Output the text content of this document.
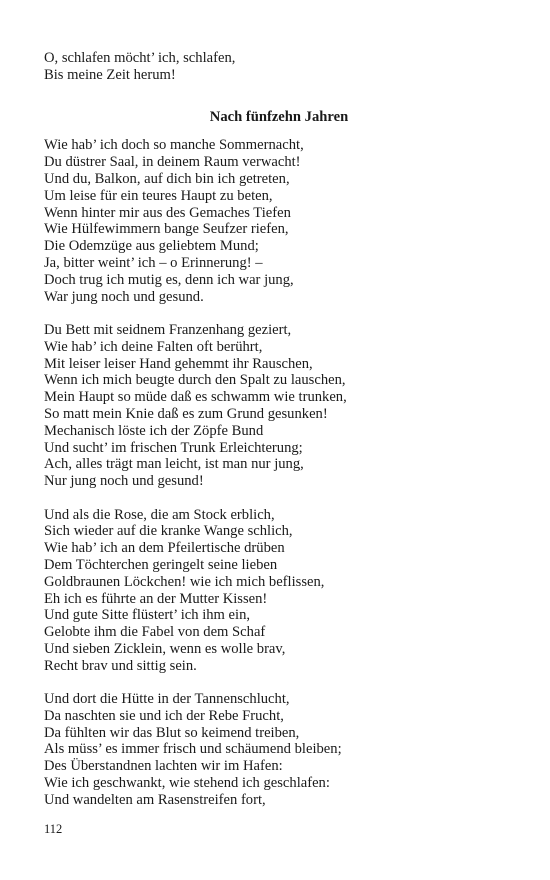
O, schlafen möcht’ ich, schlafen,

Bis meine Zeit herum!

Nach fünfzehn Jahren

Wie hab’ ich doch so manche Sommernacht,

Du düstrer Saal, in deinem Raum verwacht!

Und du, Balkon, auf dich bin ich getreten,

Um leise für ein teures Haupt zu beten,

Wenn hinter mir aus des Gemaches Tiefen

Wie Hülfewimmern bange Seufzer riefen,

Die Odemzüge aus geliebtem Mund;

Ja, bitter weint’ ich – o Erinnerung! –

Doch trug ich mutig es, denn ich war jung,

War jung noch und gesund.

Du Bett mit seidnem Franzenhang geziert,

Wie hab’ ich deine Falten oft berührt,

Mit leiser leiser Hand gehemmt ihr Rauschen,

Wenn ich mich beugte durch den Spalt zu lauschen,

Mein Haupt so müde daß es schwamm wie trunken,

So matt mein Knie daß es zum Grund gesunken!

Mechanisch löste ich der Zöpfe Bund

Und sucht’ im frischen Trunk Erleichterung;

Ach, alles trägt man leicht, ist man nur jung,

Nur jung noch und gesund!

Und als die Rose, die am Stock erblich,

Sich wieder auf die kranke Wange schlich,

Wie hab’ ich an dem Pfeilertische drüben

Dem Töchterchen geringelt seine lieben

Goldbraunen Löckchen! wie ich mich beflissen,

Eh ich es führte an der Mutter Kissen!

Und gute Sitte flüstert’ ich ihm ein,

Gelobte ihm die Fabel von dem Schaf

Und sieben Zicklein, wenn es wolle brav,

Recht brav und sittig sein.

Und dort die Hütte in der Tannenschlucht,

Da naschten sie und ich der Rebe Frucht,

Da fühlten wir das Blut so keimend treiben,

Als müss’ es immer frisch und schäumend bleiben;

Des Überstandnen lachten wir im Hafen:

Wie ich geschwankt, wie stehend ich geschlafen:

Und wandelten am Rasenstreifen fort,

112
